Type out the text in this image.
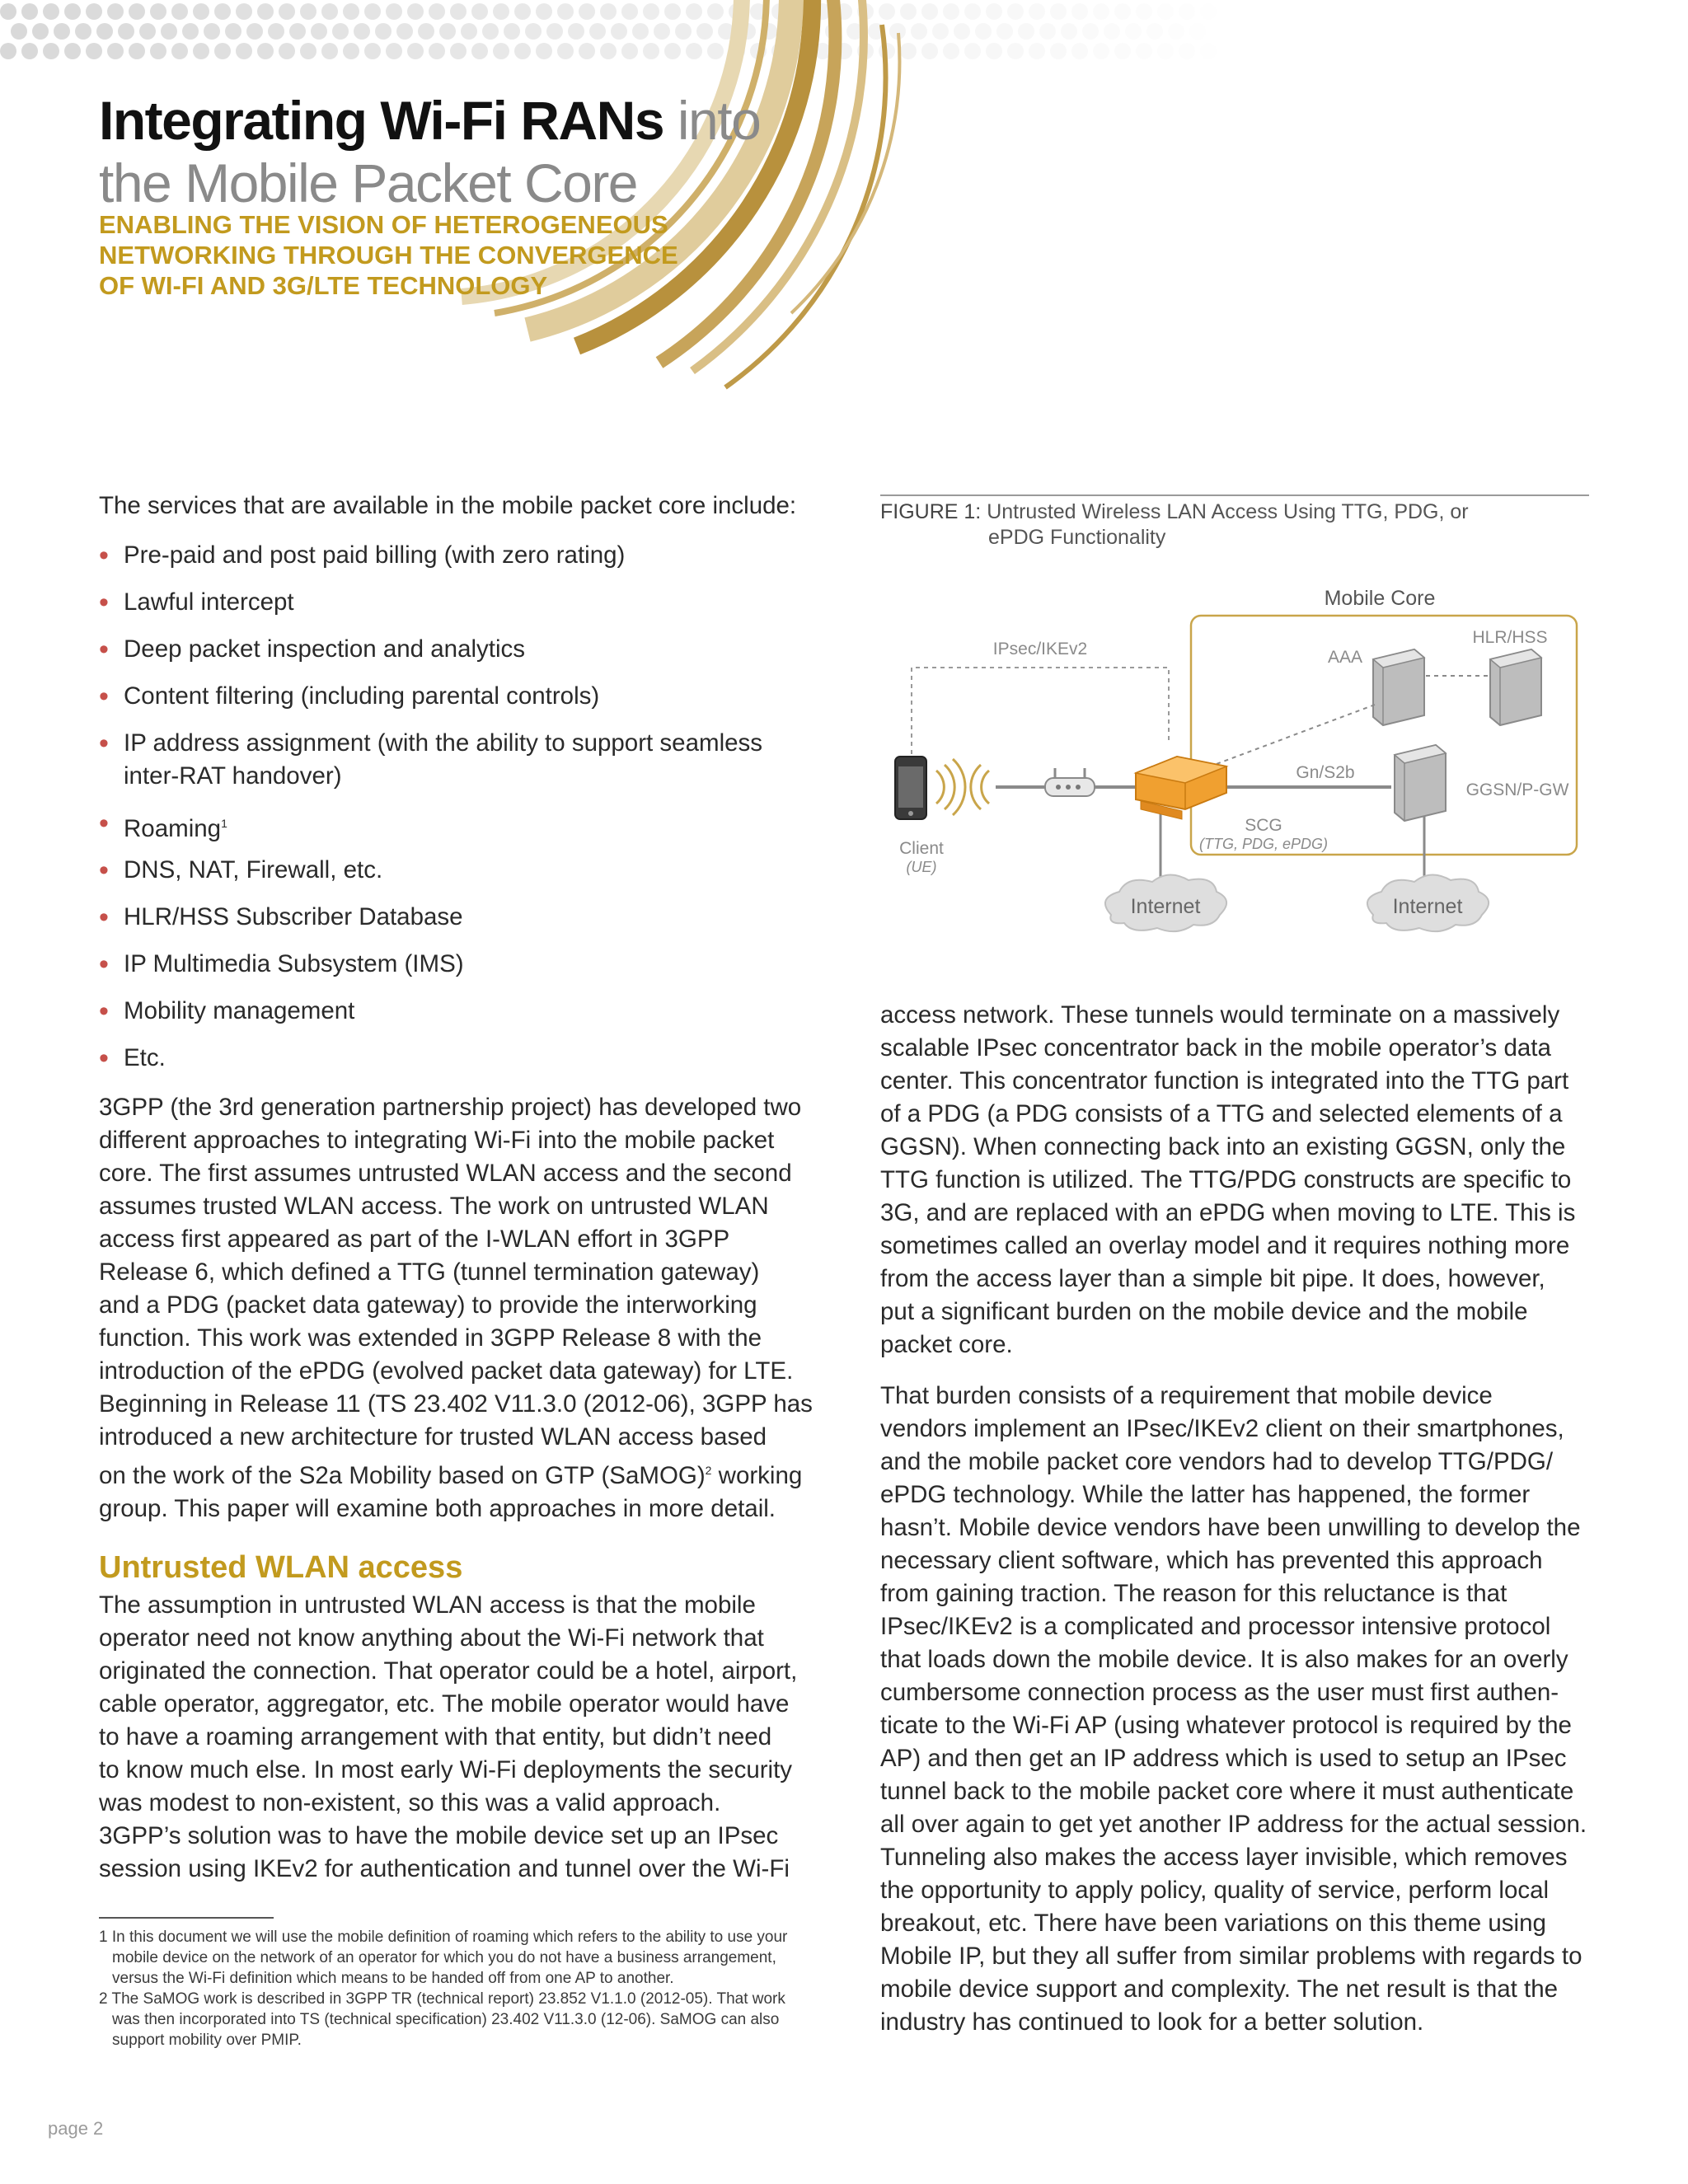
Integrating Wi-Fi RANs into
the Mobile Packet Core
ENABLING THE VISION OF HETEROGENEOUS
NETWORKING THROUGH THE CONVERGENCE
OF WI-FI AND 3G/LTE TECHNOLOGY
The services that are available in the mobile packet core include:
• Pre-paid and post paid billing (with zero rating)
• Lawful intercept
• Deep packet inspection and analytics
• Content filtering (including parental controls)
• IP address assignment (with the ability to support seamless
inter-RAT handover)
• Roaming$^1$
• DNS, NAT, Firewall, etc.
• HLR/HSS Subscriber Database
• IP Multimedia Subsystem (IMS)
• Mobility management
• Etc.
3GPP (the 3rd generation partnership project) has developed two
different approaches to integrating Wi-Fi into the mobile packet
core. The first assumes untrusted WLAN access and the second
assumes trusted WLAN access. The work on untrusted WLAN
access first appeared as part of the I-WLAN effort in 3GPP
Release 6, which defined a TTG (tunnel termination gateway)
and a PDG (packet data gateway) to provide the interworking
function. This work was extended in 3GPP Release 8 with the
introduction of the ePDG (evolved packet data gateway) for LTE.
Beginning in Release 11 (TS 23.402 V11.3.0 (2012-06), 3GPP has
introduced a new architecture for trusted WLAN access based
on the work of the S2a Mobility based on GTP (SaMOG)$^2$ working
group. This paper will examine both approaches in more detail.
Untrusted WLAN access
The assumption in untrusted WLAN access is that the mobile
operator need not know anything about the Wi-Fi network that
originated the connection. That operator could be a hotel, airport,
cable operator, aggregator, etc. The mobile operator would have
to have a roaming arrangement with that entity, but didn’t need
to know much else. In most early Wi-Fi deployments the security
was modest to non-existent, so this was a valid approach.
3GPP’s solution was to have the mobile device set up an IPsec
session using IKEv2 for authentication and tunnel over the Wi-Fi
1 In this document we will use the mobile definition of roaming which refers to the ability to use your
mobile device on the network of an operator for which you do not have a business arrangement,
versus the Wi-Fi definition which means to be handed off from one AP to another.
2 The SaMOG work is described in 3GPP TR (technical report) 23.852 V1.1.0 (2012-05). That work
was then incorporated into TS (technical specification) 23.402 V11.3.0 (12-06). SaMOG can also
support mobility over PMIP.
page 2
FIGURE 1: Untrusted Wireless LAN Access Using TTG, PDG, or
ePDG Functionality
Mobile Core
IPsec/IKEv2	AAA
HLR/HSS
Gn/S2b
GGSN/P-GW
SCG
(TTG, PDG, ePDG)
Client
(UE)
Internet	Internet
access network. These tunnels would terminate on a massively
scalable IPsec concentrator back in the mobile operator’s data
center. This concentrator function is integrated into the TTG part
of a PDG (a PDG consists of a TTG and selected elements of a
GGSN). When connecting back into an existing GGSN, only the
TTG function is utilized. The TTG/PDG constructs are specific to
3G, and are replaced with an ePDG when moving to LTE. This is
sometimes called an overlay model and it requires nothing more
from the access layer than a simple bit pipe. It does, however,
put a significant burden on the mobile device and the mobile
packet core.
That burden consists of a requirement that mobile device
vendors implement an IPsec/IKEv2 client on their smartphones,
and the mobile packet core vendors had to develop TTG/PDG/
ePDG technology. While the latter has happened, the former
hasn’t. Mobile device vendors have been unwilling to develop the
necessary client software, which has prevented this approach
from gaining traction. The reason for this reluctance is that
IPsec/IKEv2 is a complicated and processor intensive protocol
that loads down the mobile device. It is also makes for an overly
cumbersome connection process as the user must first authen-
ticate to the Wi-Fi AP (using whatever protocol is required by the
AP) and then get an IP address which is used to setup an IPsec
tunnel back to the mobile packet core where it must authenticate
all over again to get yet another IP address for the actual session.
Tunneling also makes the access layer invisible, which removes
the opportunity to apply policy, quality of service, perform local
breakout, etc. There have been variations on this theme using
Mobile IP, but they all suffer from similar problems with regards to
mobile device support and complexity. The net result is that the
industry has continued to look for a better solution.
